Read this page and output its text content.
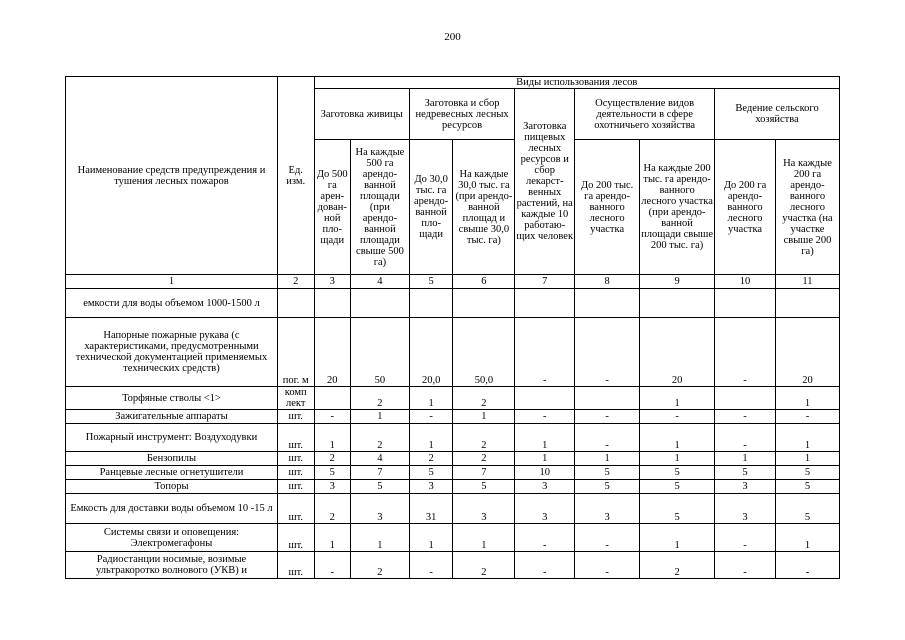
200
Наименование средств предупреждения и тушения лесных пожаров	Ед. изм.	Виды использования лесов								
		Заготовка живицы		Заготовка и сбор недревесных лесных ресурсов		Заготовка пищевых лесных ресурсов и сбор лекарст-венных растений, на каждые 10 работаю-щих человек	Осуществление видов деятельности в сфере охотничьего хозяйства		Ведение сельского хозяйства	
		До 500 га арен-дован-ной пло-щади	На каждые 500 га арендо-ванной площади (при арендо-ванной площади свыше 500 га)	До 30,0 тыс. га арендо-ванной пло-щади	На каждые 30,0 тыс. га (при арендо-ванной площад и свыше 30,0 тыс. га)		До 200 тыс. га арендо-ванного лесного участка	На каждые 200 тыс. га арендо-ванного лесного участка (при арендо-ванной площади свыше 200 тыс. га)	До 200 га арендо-ванного лесного участка	На каждые 200 га арендо-ванного лесного участка (на участке свыше 200 га)
1	2	3	4	5	6	7	8	9	10	11
емкости для воды объемом 1000-1500 л										
Напорные пожарные рукава (с характеристиками, предусмотренными технической документацией применяемых технических средств)	пог. м	20	50	20,0	50,0	-	-	20	-	20
Торфяные стволы <1>	комп лект		2	1	2			1		1
Зажигательные аппараты	шт.	-	1	-	1	-	-	-	-	-
Пожарный инструмент: Воздуходувки	шт.	1	2	1	2	1	-	1	-	1
Бензопилы	шт.	2	4	2	2	1	1	1	1	1
Ранцевые лесные огнетушители	шт.	5	7	5	7	10	5	5	5	5
Топоры	шт.	3	5	3	5	3	5	5	3	5
Емкость для доставки воды объемом 10 -15 л	шт.	2	3	31	3	3	3	5	3	5
Системы связи и оповещения: Электромегафоны	шт.	1	1	1	1	-	-	1	-	1
Радиостанции носимые, возимые ультракоротко волнового (УКВ) и	шт.	-	2	-	2	-	-	2	-	-
